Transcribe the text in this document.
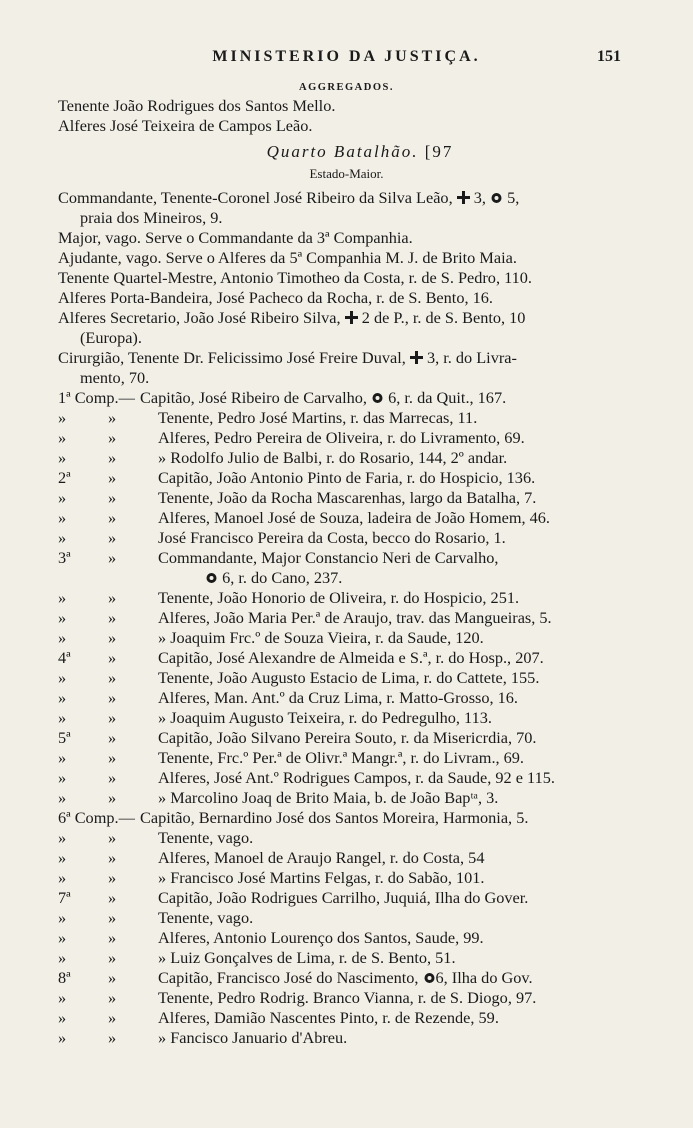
MINISTERIO DA JUSTIÇA.	151
AGGREGADOS.
Tenente João Rodrigues dos Santos Mello.
Alferes José Teixeira de Campos Leão.
Quarto Batalhão. [97
Estado-Maior.
Commandante, Tenente-Coronel José Ribeiro da Silva Leão,  3,  5,
praia dos Mineiros, 9.
Major, vago. Serve o Commandante da 3ª Companhia.
Ajudante, vago. Serve o Alferes da 5ª Companhia M. J. de Brito Maia.
Tenente Quartel-Mestre, Antonio Timotheo da Costa, r. de S. Pedro, 110.
Alferes Porta-Bandeira, José Pacheco da Rocha, r. de S. Bento, 16.
Alferes Secretario, João José Ribeiro Silva,  2 de P., r. de S. Bento, 10
(Europa).
Cirurgião, Tenente Dr. Felicissimo José Freire Duval,  3, r. do Livra-
mento, 70.
1ª Comp.— Capitão, José Ribeiro de Carvalho,  6, r. da Quit., 167.
»	»	Tenente, Pedro José Martins, r. das Marrecas, 11.
»	»	Alferes, Pedro Pereira de Oliveira, r. do Livramento, 69.
»	»	» Rodolfo Julio de Balbi, r. do Rosario, 144, 2º andar.
2ª »	Capitão, João Antonio Pinto de Faria, r. do Hospicio, 136.
»	»	Tenente, João da Rocha Mascarenhas, largo da Batalha, 7.
»	»	Alferes, Manoel José de Souza, ladeira de João Homem, 46.
»	»	José Francisco Pereira da Costa, becco do Rosario, 1.
3ª »	Commandante, Major Constancio Neri de Carvalho,
6, r. do Cano, 237.
»	»	Tenente, João Honorio de Oliveira, r. do Hospicio, 251.
»	»	Alferes, João Maria Per.ª de Araujo, trav. das Mangueiras, 5.
»	»	» Joaquim Frc.º de Souza Vieira, r. da Saude, 120.
4ª »	Capitão, José Alexandre de Almeida e S.ª, r. do Hosp., 207.
»	»	Tenente, João Augusto Estacio de Lima, r. do Cattete, 155.
»	»	Alferes, Man. Ant.º da Cruz Lima, r. Matto-Grosso, 16.
»	»	» Joaquim Augusto Teixeira, r. do Pedregulho, 113.
5ª »	Capitão, João Silvano Pereira Souto, r. da Misericrdia, 70.
»	»	Tenente, Frc.º Per.ª de Olivr.ª Mangr.ª, r. do Livram., 69.
»	»	Alferes, José Ant.º Rodrigues Campos, r. da Saude, 92 e 115.
»	»	» Marcolino Joaq de Brito Maia, b. de João Bapᵗᵃ, 3.
6ª Comp.— Capitão, Bernardino José dos Santos Moreira, Harmonia, 5.
»	»	Tenente, vago.
»	»	Alferes, Manoel de Araujo Rangel, r. do Costa, 54
»	»	» Francisco José Martins Felgas, r. do Sabão, 101.
7ª »	Capitão, João Rodrigues Carrilho, Juquiá, Ilha do Gover.
»	»	Tenente, vago.
»	»	Alferes, Antonio Lourenço dos Santos, Saude, 99.
»	»	» Luiz Gonçalves de Lima, r. de S. Bento, 51.
8ª »	Capitão, Francisco José do Nascimento, 6, Ilha do Gov.
»	»	Tenente, Pedro Rodrig. Branco Vianna, r. de S. Diogo, 97.
»	»	Alferes, Damião Nascentes Pinto, r. de Rezende, 59.
»	»	» Fancisco Januario d'Abreu.
